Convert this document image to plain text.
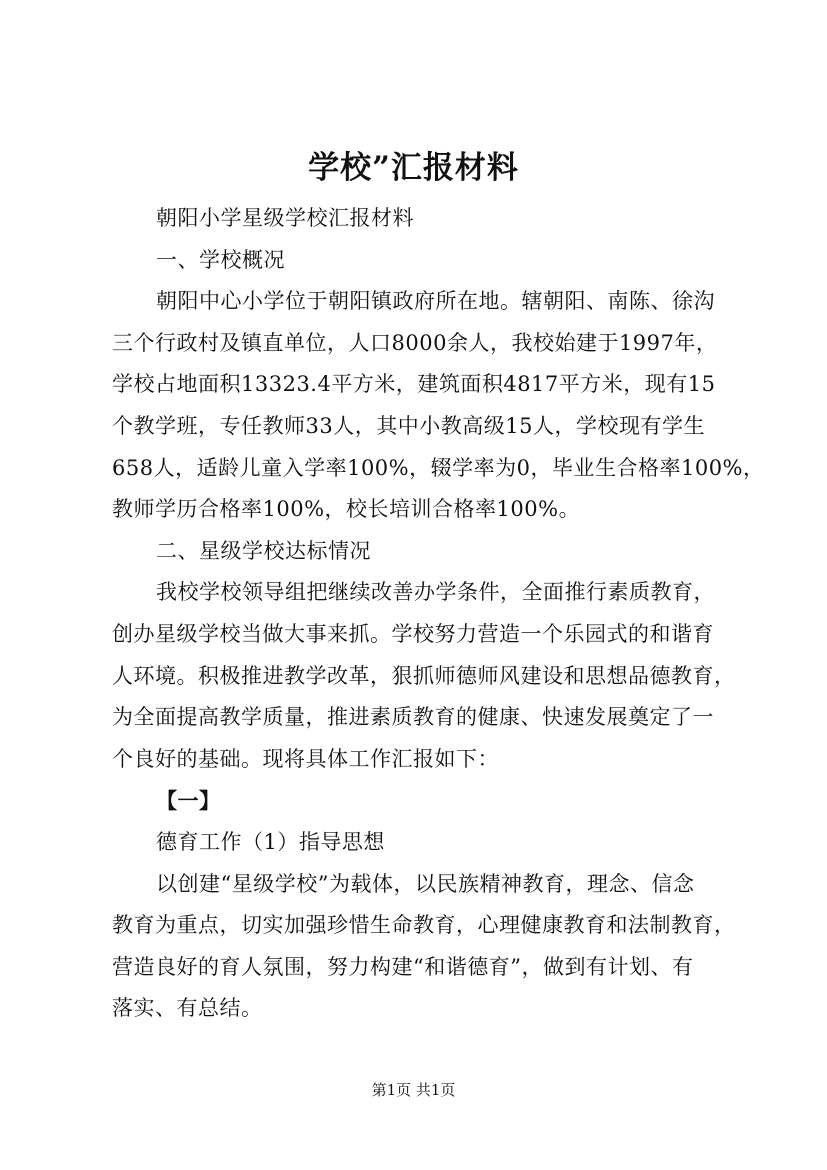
学校”汇报材料
朝阳小学星级学校汇报材料
一、学校概况
朝阳中心小学位于朝阳镇政府所在地。辖朝阳、南陈、徐沟
三个行政村及镇直单位，人口8000余人，我校始建于1997年，
学校占地面积13323.4平方米，建筑面积4817平方米，现有15
个教学班，专任教师33人，其中小教高级15人，学校现有学生
658人，适龄儿童入学率100%，辍学率为0，毕业生合格率100%，
教师学历合格率100%，校长培训合格率100%。
二、星级学校达标情况
我校学校领导组把继续改善办学条件，全面推行素质教育，
创办星级学校当做大事来抓。学校努力营造一个乐园式的和谐育
人环境。积极推进教学改革，狠抓师德师风建设和思想品德教育，
为全面提高教学质量，推进素质教育的健康、快速发展奠定了一
个良好的基础。现将具体工作汇报如下：
【一】
德育工作（1）指导思想
以创建“星级学校”为载体，以民族精神教育，理念、信念
教育为重点，切实加强珍惜生命教育，心理健康教育和法制教育，
营造良好的育人氛围，努力构建“和谐德育”，做到有计划、有
落实、有总结。
第1页 共1页
